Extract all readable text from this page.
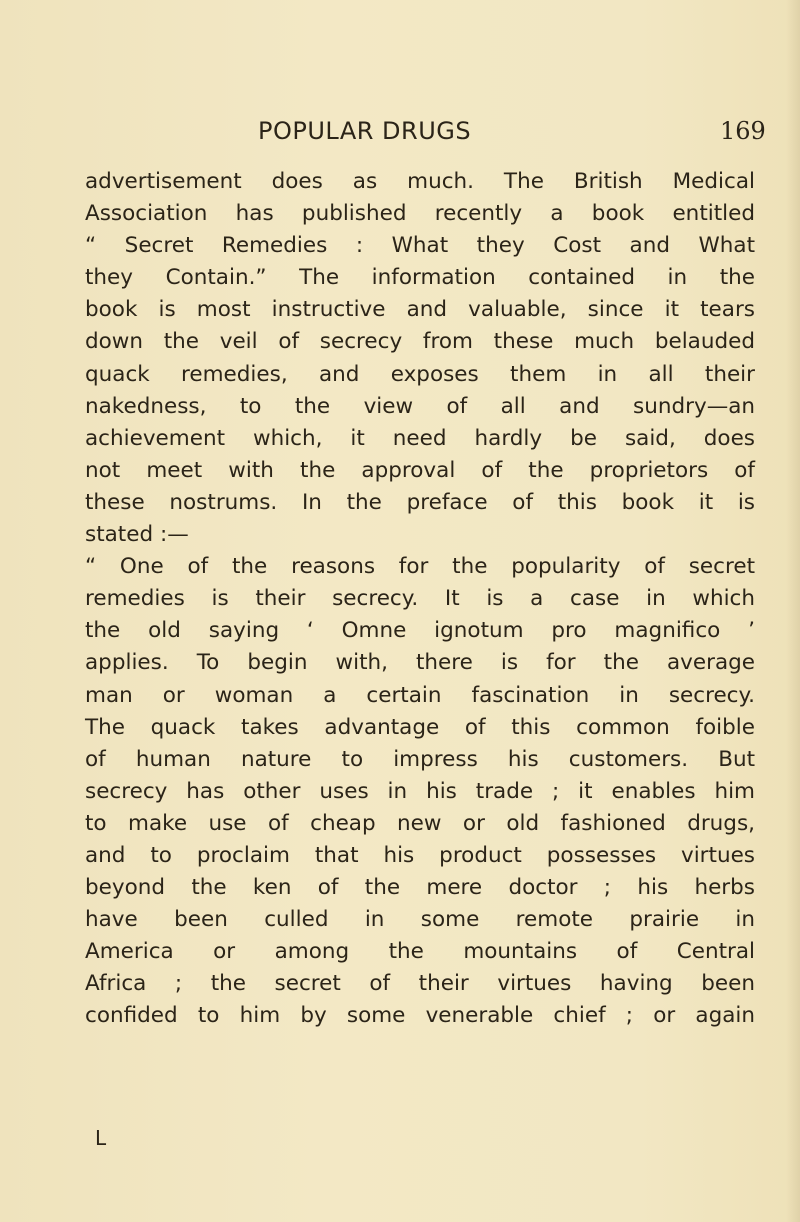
POPULAR DRUGS	169
advertisement does as much. The British Medical
Association has published recently a book entitled
“ Secret Remedies : What they Cost and What
they Contain.” The information contained in the
book is most instructive and valuable, since it tears
down the veil of secrecy from these much belauded
quack remedies, and exposes them in all their
nakedness, to the view of all and sundry—an
achievement which, it need hardly be said, does
not meet with the approval of the proprietors of
these nostrums. In the preface of this book it is
stated :—
“ One of the reasons for the popularity of secret
remedies is their secrecy. It is a case in which
the old saying ‘ Omne ignotum pro magnifico ’
applies. To begin with, there is for the average
man or woman a certain fascination in secrecy.
The quack takes advantage of this common foible
of human nature to impress his customers. But
secrecy has other uses in his trade ; it enables him
to make use of cheap new or old fashioned drugs,
and to proclaim that his product possesses virtues
beyond the ken of the mere doctor ; his herbs
have been culled in some remote prairie in
America or among the mountains of Central
Africa ; the secret of their virtues having been
confided to him by some venerable chief ; or again
L
